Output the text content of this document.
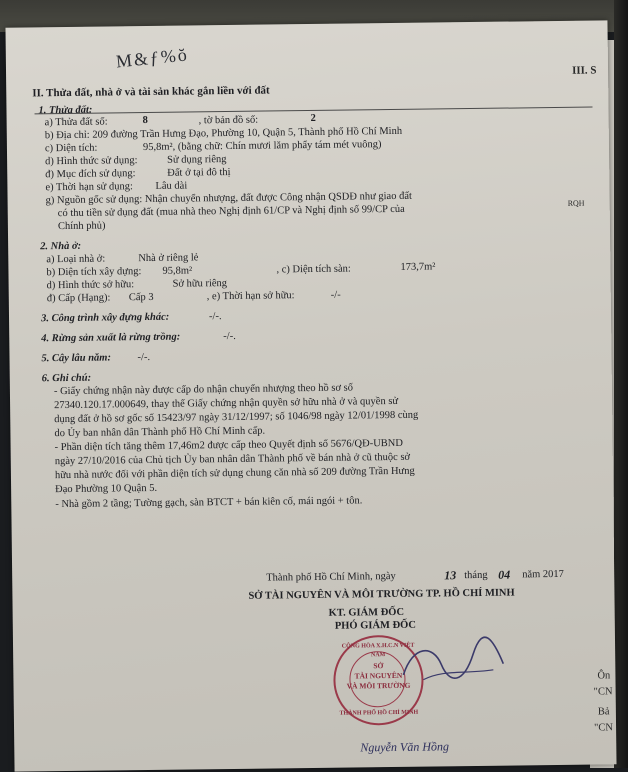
M&ƒ%ŏ
II. Thửa đất, nhà ở và tài sản khác gắn liền với đất
1. Thửa đất:
a) Thửa đất số:	8	, tờ bản đồ số:	2
b) Địa chỉ: 209 đường Trần Hưng Đạo, Phường 10, Quận 5, Thành phố Hồ Chí Minh
c) Diện tích:	95,8m², (bằng chữ: Chín mươi lăm phẩy tám mét vuông)
d) Hình thức sử dụng:	Sử dụng riêng
đ) Mục đích sử dụng:	Đất ở tại đô thị
e) Thời hạn sử dụng: Lâu dài
g) Nguồn gốc sử dụng: Nhận chuyển nhượng, đất được Công nhận QSDĐ như giao đất
có thu tiền sử dụng đất (mua nhà theo Nghị định 61/CP và Nghị định số 99/CP của
Chính phủ)
2. Nhà ở:
a) Loại nhà ở:	Nhà ở riêng lẻ
b) Diện tích xây dựng: 95,8m²	, c) Diện tích sàn:	173,7m²
d) Hình thức sở hữu:	Sở hữu riêng
đ) Cấp (Hạng): Cấp 3	, e) Thời hạn sở hữu:	-/-
3. Công trình xây dựng khác:	-/-.
4. Rừng sản xuất là rừng trồng:	-/-.
5. Cây lâu năm:	-/-.
6. Ghi chú:
- Giấy chứng nhận này được cấp do nhận chuyển nhượng theo hồ sơ số
27340.120.17.000649, thay thế Giấy chứng nhận quyền sở hữu nhà ở và quyền sử
dụng đất ở hồ sơ gốc số 15423/97 ngày 31/12/1997; số 1046/98 ngày 12/01/1998 cùng
do Ủy ban nhân dân Thành phố Hồ Chí Minh cấp.
- Phần diện tích tăng thêm 17,46m2 được cấp theo Quyết định số 5676/QĐ-UBND
ngày 27/10/2016 của Chủ tịch Ủy ban nhân dân Thành phố về bán nhà ở cũ thuộc sở
hữu nhà nước đối với phần diện tích sử dụng chung căn nhà số 209 đường Trần Hưng
Đạo Phường 10 Quận 5.
- Nhà gồm 2 tầng; Tường gạch, sàn BTCT + bán kiên cố, mái ngói + tôn.
Thành phố Hồ Chí Minh, ngày	13 tháng 04 năm 2017
SỞ TÀI NGUYÊN VÀ MÔI TRƯỜNG TP. HỒ CHÍ MINH
KT. GIÁM ĐỐC
PHÓ GIÁM ĐỐC
CỘNG HÒA X.H.C.N VIỆT NAM
SỞ
TÀI NGUYÊN
VÀ MÔI TRƯỜNG
THÀNH PHỐ HỒ CHÍ MINH
Nguyễn Văn Hồng
III. S
RQH
Ôn
"CN
Bả
"CN
